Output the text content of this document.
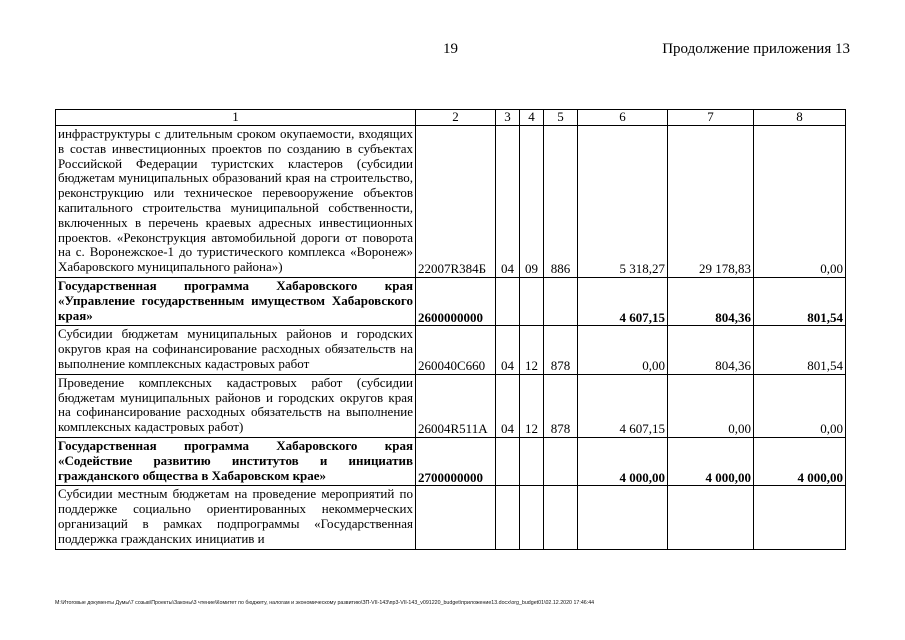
19	Продолжение приложения 13
1	2	3	4	5	6	7	8
инфраструктуры с длительным сроком окупаемости, входящих в состав инвестиционных проектов по созданию в субъектах Российской Федерации туристских кластеров (субсидии бюджетам муниципальных образований края на строительство, реконструкцию или техническое перевооружение объектов капитального строительства муниципальной собственности, включенных в перечень краевых адресных инвестиционных проектов. «Реконструкция автомобильной дороги от поворота на с. Воронежское-1 до туристического комплекса «Воронеж» Хабаровского муниципального района»)	22007R384Б	04	09	886	5 318,27	29 178,83	0,00
Государственная программа Хабаровского края «Управление государственным имуществом Хабаровского края»	2600000000				4 607,15	804,36	801,54
Субсидии бюджетам муниципальных районов и городских округов края на софинансирование расходных обязательств на выполнение комплексных кадастровых работ	260040С660	04	12	878	0,00	804,36	801,54
Проведение комплексных кадастровых работ (субсидии бюджетам муниципальных районов и городских округов края на софинансирование расходных обязательств на выполнение комплексных кадастровых работ)	26004R511А	04	12	878	4 607,15	0,00	0,00
Государственная программа Хабаровского края «Содействие развитию институтов и инициатив гражданского общества в Хабаровском крае»	2700000000				4 000,00	4 000,00	4 000,00
Субсидии местным бюджетам на проведение мероприятий по поддержке социально ориентированных некоммерческих организаций в рамках подпрограммы «Государственная поддержка гражданских инициатив и							
M:\Итоговые документы Думы\7 созыв\Проекты\Законы\3 чтение\Комитет по бюджету, налогам и экономическому развитию\ЗП-VII-143\пр3-VII-143_v091220_budget\приложение13.docx\org_budget01\02.12.2020 17:46:44
